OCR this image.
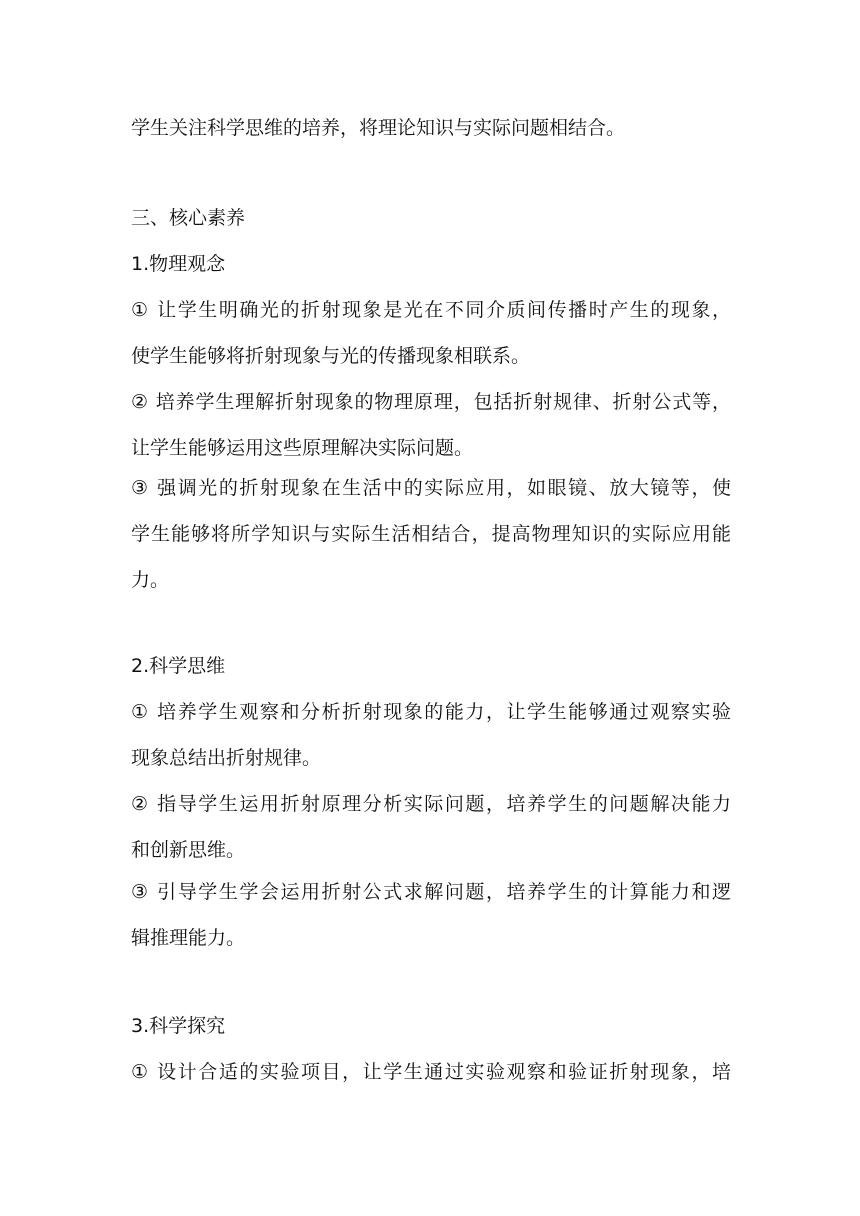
学生关注科学思维的培养，将理论知识与实际问题相结合。
三、核心素养
1.物理观念
① 让学生明确光的折射现象是光在不同介质间传播时产生的现象，
使学生能够将折射现象与光的传播现象相联系。
② 培养学生理解折射现象的物理原理，包括折射规律、折射公式等，
让学生能够运用这些原理解决实际问题。
③ 强调光的折射现象在生活中的实际应用，如眼镜、放大镜等，使
学生能够将所学知识与实际生活相结合，提高物理知识的实际应用能
力。
2.科学思维
① 培养学生观察和分析折射现象的能力，让学生能够通过观察实验
现象总结出折射规律。
② 指导学生运用折射原理分析实际问题，培养学生的问题解决能力
和创新思维。
③ 引导学生学会运用折射公式求解问题，培养学生的计算能力和逻
辑推理能力。
3.科学探究
① 设计合适的实验项目，让学生通过实验观察和验证折射现象，培
